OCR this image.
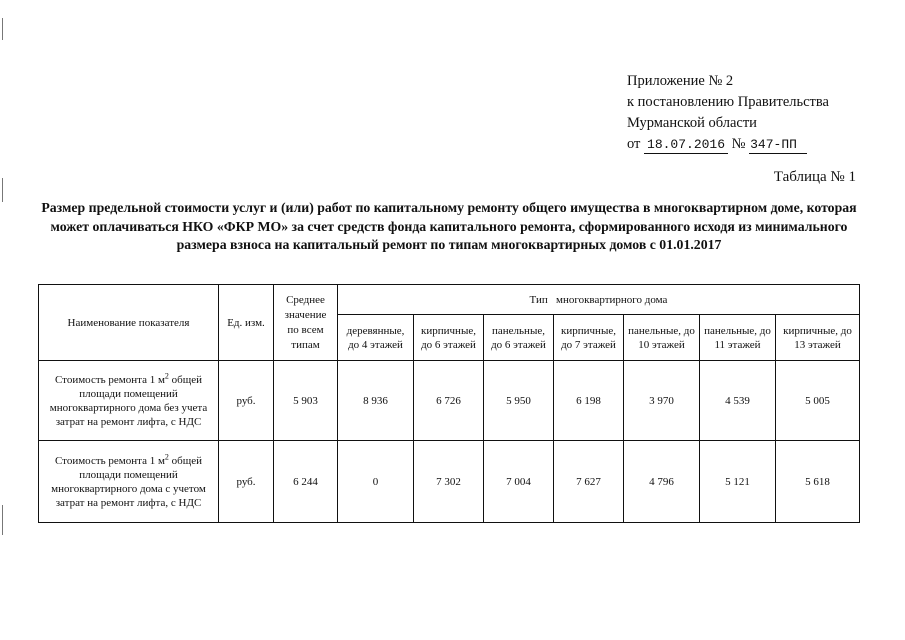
Приложение № 2
к постановлению Правительства
Мурманской области
от 18.07.2016 № 347-ПП
Таблица № 1
Размер предельной стоимости услуг и (или) работ по капитальному ремонту общего имущества в многоквартирном доме, которая может оплачиваться НКО «ФКР МО» за счет средств фонда капитального ремонта, сформированного исходя из минимального размера взноса на капитальный ремонт по типам многоквартирных домов с 01.01.2017
Наименование показателя	Ед. изм.	Среднее значение по всем типам	Тип   многоквартирного дома						
			деревянные, до 4 этажей	кирпичные, до 6 этажей	панельные, до 6 этажей	кирпичные, до 7 этажей	панельные, до 10 этажей	панельные, до 11 этажей	кирпичные, до 13 этажей
Стоимость ремонта 1 $м^2$ общей площади помещений многоквартирного дома без учета затрат на ремонт лифта, с НДС	руб.	5 903	8 936	6 726	5 950	6 198	3 970	4 539	5 005
Стоимость ремонта 1 $м^2$ общей площади помещений многоквартирного дома с учетом затрат на ремонт лифта, с НДС	руб.	6 244	0	7 302	7 004	7 627	4 796	5 121	5 618
